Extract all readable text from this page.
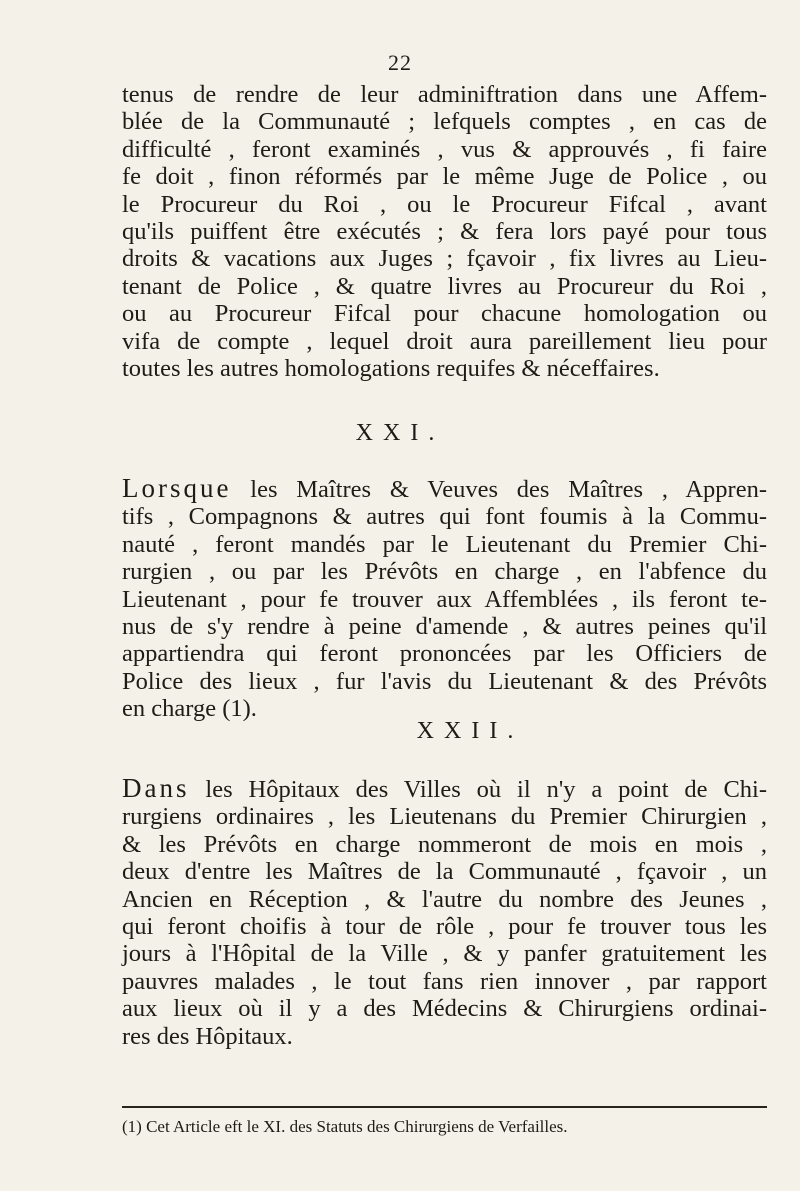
22

tenus de rendre de leur adminiftration dans une Affem-
blée de la Communauté ; lefquels comptes , en cas de
difficulté , feront examinés , vus & approuvés , fi faire
fe doit , finon réformés par le même Juge de Police , ou
le Procureur du Roi , ou le Procureur Fifcal , avant
qu'ils puiffent être exécutés ; & fera lors payé pour tous
droits & vacations aux Juges ; fçavoir , fix livres au Lieu-
tenant de Police , & quatre livres au Procureur du Roi ,
ou au Procureur Fifcal pour chacune homologation ou
vifa de compte , lequel droit aura pareillement lieu pour
toutes les autres homologations requifes & néceffaires.

XXI.

Lorsque les Maîtres & Veuves des Maîtres , Appren-
tifs , Compagnons & autres qui font foumis à la Commu-
nauté , feront mandés par le Lieutenant du Premier Chi-
rurgien , ou par les Prévôts en charge , en l'abfence du
Lieutenant , pour fe trouver aux Affemblées , ils feront te-
nus de s'y rendre à peine d'amende , & autres peines qu'il
appartiendra qui feront prononcées par les Officiers de
Police des lieux , fur l'avis du Lieutenant & des Prévôts
en charge (1).

XXII.

Dans les Hôpitaux des Villes où il n'y a point de Chi-
rurgiens ordinaires , les Lieutenans du Premier Chirurgien ,
& les Prévôts en charge nommeront de mois en mois ,
deux d'entre les Maîtres de la Communauté , fçavoir , un
Ancien en Réception , & l'autre du nombre des Jeunes ,
qui feront choifis à tour de rôle , pour fe trouver tous les
jours à l'Hôpital de la Ville , & y panfer gratuitement les
pauvres malades , le tout fans rien innover , par rapport
aux lieux où il y a des Médecins & Chirurgiens ordinai-
res des Hôpitaux.

(1) Cet Article eft le XI. des Statuts des Chirurgiens de Verfailles.
